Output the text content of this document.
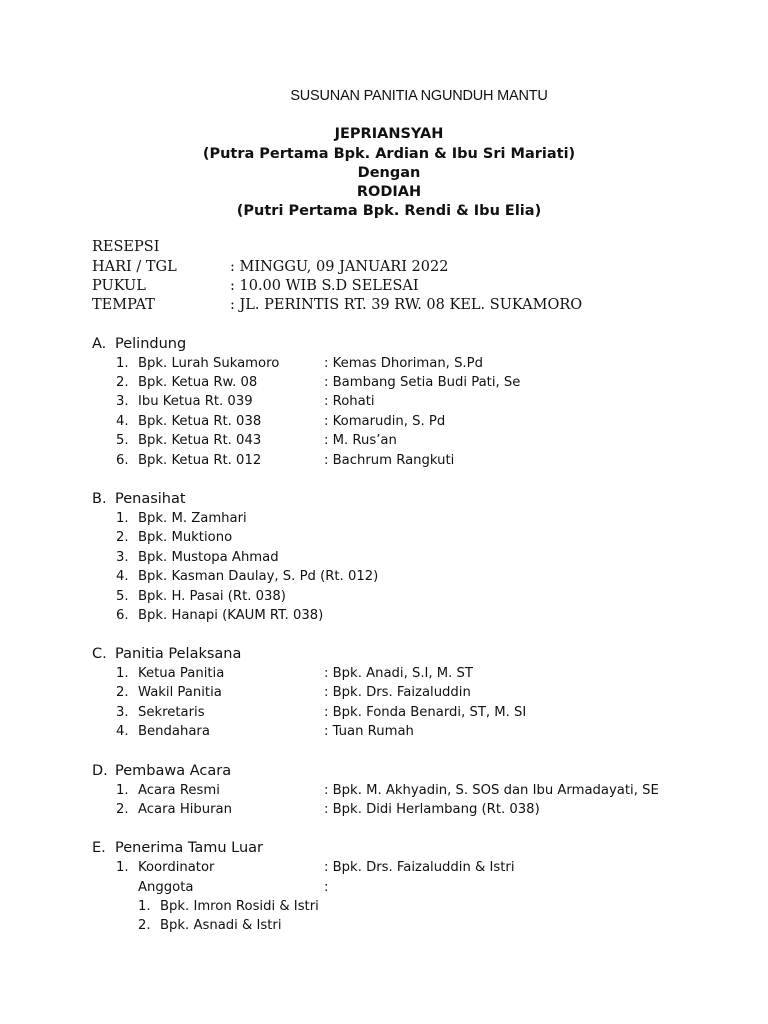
SUSUNAN PANITIA NGUNDUH MANTU
JEPRIANSYAH
(Putra Pertama Bpk. Ardian & Ibu Sri Mariati)
Dengan
RODIAH
(Putri Pertama Bpk. Rendi & Ibu Elia)
RESEPSI
HARI / TGL	: MINGGU, 09 JANUARI 2022
PUKUL	: 10.00 WIB S.D SELESAI
TEMPAT	: JL. PERINTIS RT. 39 RW. 08 KEL. SUKAMORO
A. Pelindung
1. Bpk. Lurah Sukamoro	: Kemas Dhoriman, S.Pd
2. Bpk. Ketua Rw. 08	: Bambang Setia Budi Pati, Se
3. Ibu Ketua Rt. 039	: Rohati
4. Bpk. Ketua Rt. 038	: Komarudin, S. Pd
5. Bpk. Ketua Rt. 043	: M. Rus’an
6. Bpk. Ketua Rt. 012	: Bachrum Rangkuti
B. Penasihat
1. Bpk. M. Zamhari
2. Bpk. Muktiono
3. Bpk. Mustopa Ahmad
4. Bpk. Kasman Daulay, S. Pd (Rt. 012)
5. Bpk. H. Pasai (Rt. 038)
6. Bpk. Hanapi (KAUM RT. 038)
C. Panitia Pelaksana
1. Ketua Panitia	: Bpk. Anadi, S.I, M. ST
2. Wakil Panitia	: Bpk. Drs. Faizaluddin
3. Sekretaris	: Bpk. Fonda Benardi, ST, M. SI
4. Bendahara	: Tuan Rumah
D. Pembawa Acara
1. Acara Resmi	: Bpk. M. Akhyadin, S. SOS dan Ibu Armadayati, SE
2. Acara Hiburan	: Bpk. Didi Herlambang (Rt. 038)
E. Penerima Tamu Luar
1. Koordinator	: Bpk. Drs. Faizaluddin & Istri
Anggota	:
1. Bpk. Imron Rosidi & Istri
2. Bpk. Asnadi & Istri
